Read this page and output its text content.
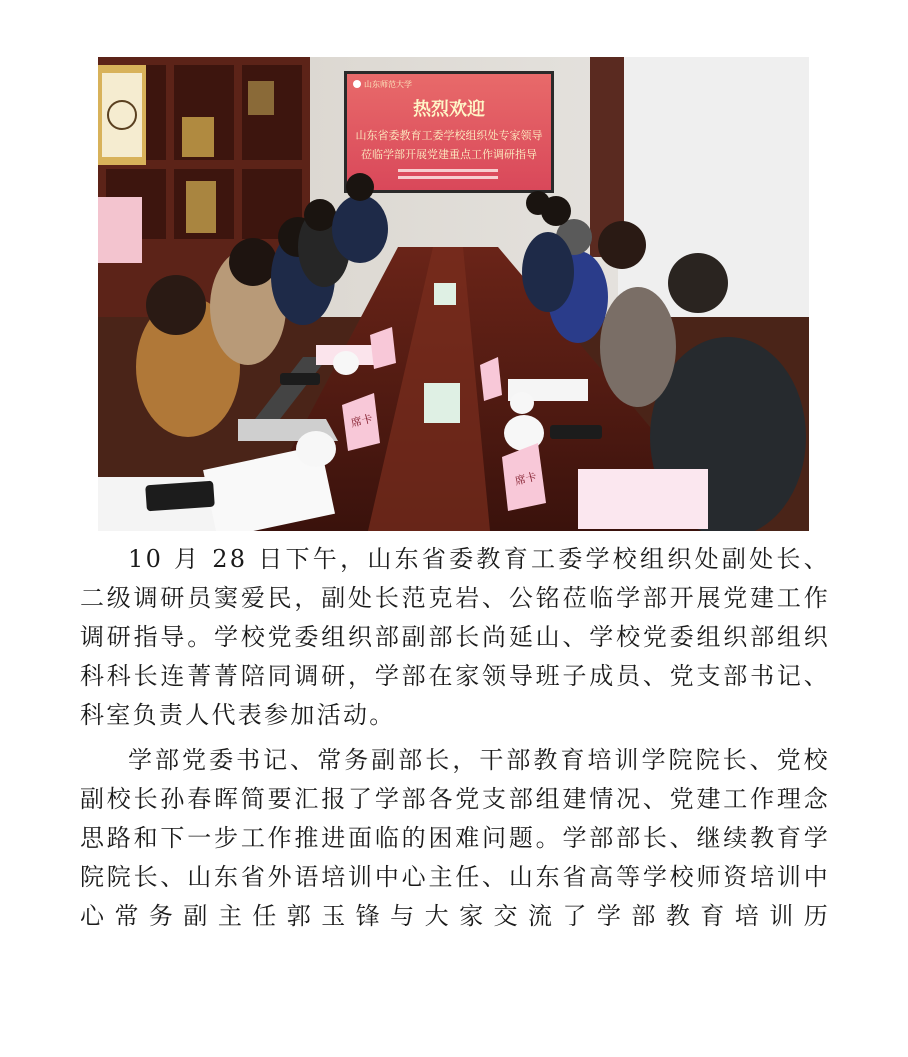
山东师范大学
热烈欢迎
山东省委教育工委学校组织处专家领导
莅临学部开展党建重点工作调研指导
席卡
席卡

10 月 28 日下午，山东省委教育工委学校组织处副处长、二级调研员窦爱民，副处长范克岩、公铭莅临学部开展党建工作调研指导。学校党委组织部副部长尚延山、学校党委组织部组织科科长连菁菁陪同调研，学部在家领导班子成员、党支部书记、科室负责人代表参加活动。

学部党委书记、常务副部长，干部教育培训学院院长、党校副校长孙春晖简要汇报了学部各党支部组建情况、党建工作理念思路和下一步工作推进面临的困难问题。学部部长、继续教育学院院长、山东省外语培训中心主任、山东省高等学校师资培训中心常务副主任郭玉锋与大家交流了学部教育培训历
